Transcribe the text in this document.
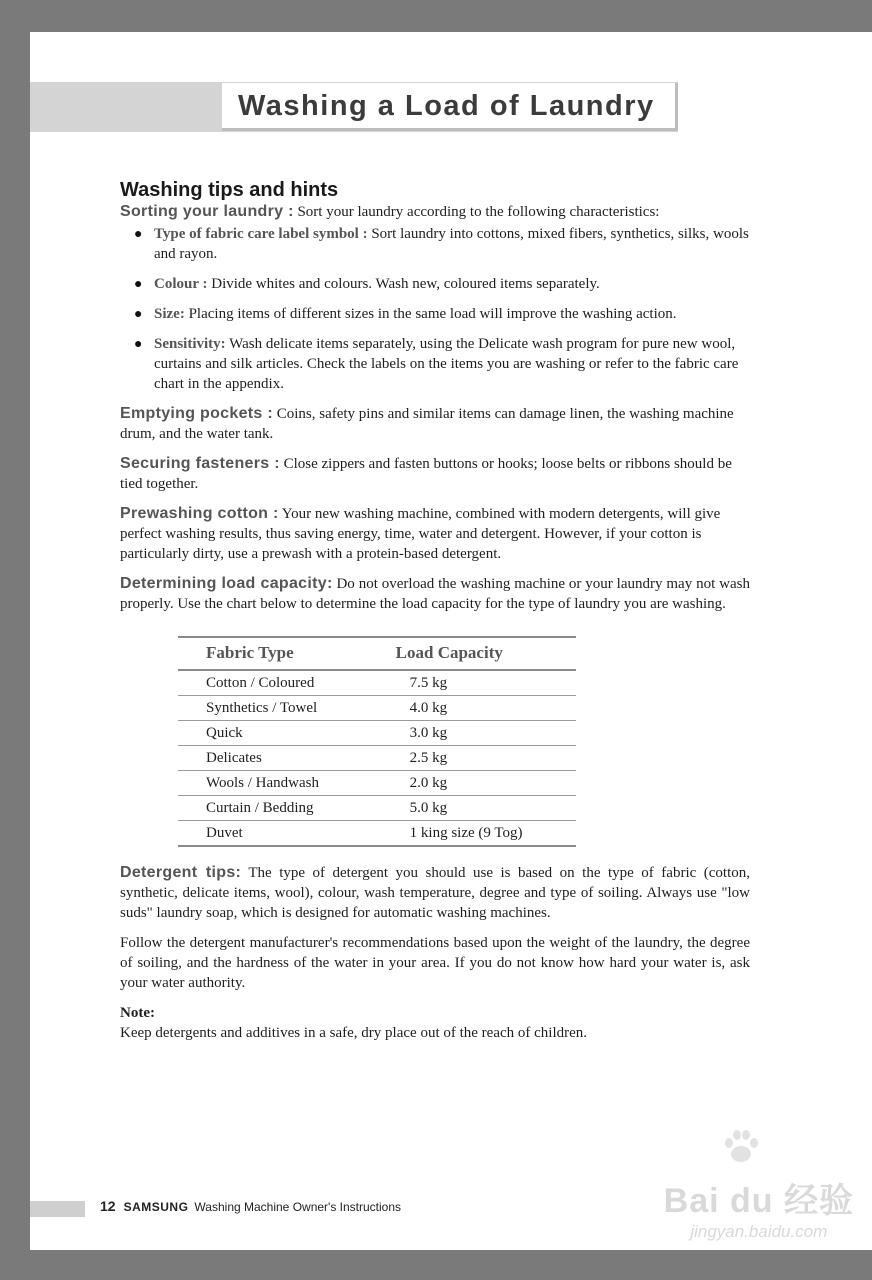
Washing a Load of Laundry
Washing tips and hints
Sorting your laundry : Sort your laundry according to the following characteristics:
● Type of fabric care label symbol : Sort laundry into cottons, mixed fibers, synthetics, silks, wools and rayon.
● Colour : Divide whites and colours. Wash new, coloured items separately.
● Size: Placing items of different sizes in the same load will improve the washing action.
● Sensitivity: Wash delicate items separately, using the Delicate wash program for pure new wool, curtains and silk articles. Check the labels on the items you are washing or refer to the fabric care chart in the appendix.
Emptying pockets : Coins, safety pins and similar items can damage linen, the washing machine drum, and the water tank.
Securing fasteners : Close zippers and fasten buttons or hooks; loose belts or ribbons should be tied together.
Prewashing cotton : Your new washing machine, combined with modern detergents, will give perfect washing results, thus saving energy, time, water and detergent. However, if your cotton is particularly dirty, use a prewash with a protein-based detergent.
Determining load capacity: Do not overload the washing machine or your laundry may not wash properly. Use the chart below to determine the load capacity for the type of laundry you are washing.
Fabric Type	Load Capacity
Cotton / Coloured	7.5 kg
Synthetics / Towel	4.0 kg
Quick	3.0 kg
Delicates	2.5 kg
Wools / Handwash	2.0 kg
Curtain / Bedding	5.0 kg
Duvet	1 king size (9 Tog)
Detergent tips: The type of detergent you should use is based on the type of fabric (cotton, synthetic, delicate items, wool), colour, wash temperature, degree and type of soiling. Always use "low suds" laundry soap, which is designed for automatic washing machines.
Follow the detergent manufacturer's recommendations based upon the weight of the laundry, the degree of soiling, and the hardness of the water in your area. If you do not know how hard your water is, ask your water authority.
Note:
Keep detergents and additives in a safe, dry place out of the reach of children.
12 SAMSUNG Washing Machine Owner's Instructions	Bai du 经验
jingyan.baidu.com
